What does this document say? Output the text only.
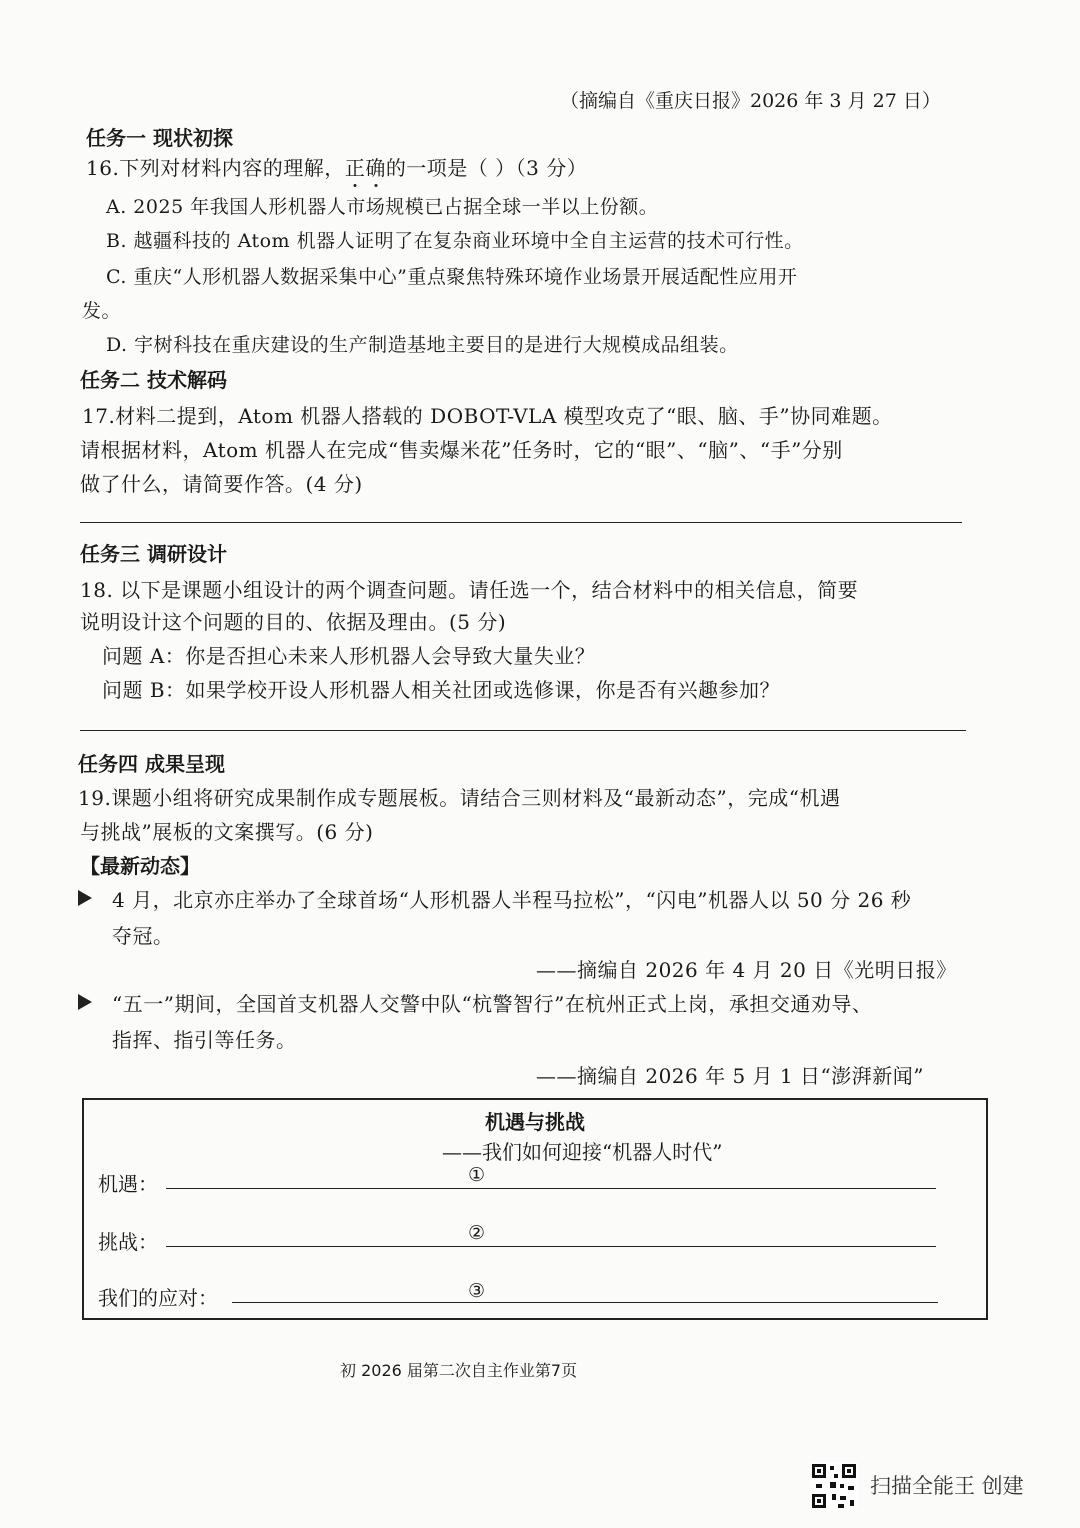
（摘编自《重庆日报》2026 年 3 月 27 日）
任务一 现状初探
16.下列对材料内容的理解，正确的一项是（ ）（3 分）
A. 2025 年我国人形机器人市场规模已占据全球一半以上份额。
B. 越疆科技的 Atom 机器人证明了在复杂商业环境中全自主运营的技术可行性。
C. 重庆“人形机器人数据采集中心”重点聚焦特殊环境作业场景开展适配性应用开
发。
D. 宇树科技在重庆建设的生产制造基地主要目的是进行大规模成品组装。
任务二 技术解码
17.材料二提到，Atom 机器人搭载的 DOBOT-VLA 模型攻克了“眼、脑、手”协同难题。
请根据材料，Atom 机器人在完成“售卖爆米花”任务时，它的“眼”、“脑”、“手”分别
做了什么，请简要作答。(4 分)
任务三 调研设计
18. 以下是课题小组设计的两个调查问题。请任选一个，结合材料中的相关信息，简要
说明设计这个问题的目的、依据及理由。(5 分)
问题 A：你是否担心未来人形机器人会导致大量失业？
问题 B：如果学校开设人形机器人相关社团或选修课，你是否有兴趣参加？
任务四 成果呈现
19.课题小组将研究成果制作成专题展板。请结合三则材料及“最新动态”，完成“机遇
与挑战”展板的文案撰写。(6 分)
【最新动态】
4 月，北京亦庄举办了全球首场“人形机器人半程马拉松”，“闪电”机器人以 50 分 26 秒
夺冠。
——摘编自 2026 年 4 月 20 日《光明日报》
“五一”期间，全国首支机器人交警中队“杭警智行”在杭州正式上岗，承担交通劝导、
指挥、指引等任务。
——摘编自 2026 年 5 月 1 日“澎湃新闻”
机遇与挑战
——我们如何迎接“机器人时代”
机遇：	①
挑战：	②
我们的应对：	③
初 2026 届第二次自主作业第7页
扫描全能王 创建
